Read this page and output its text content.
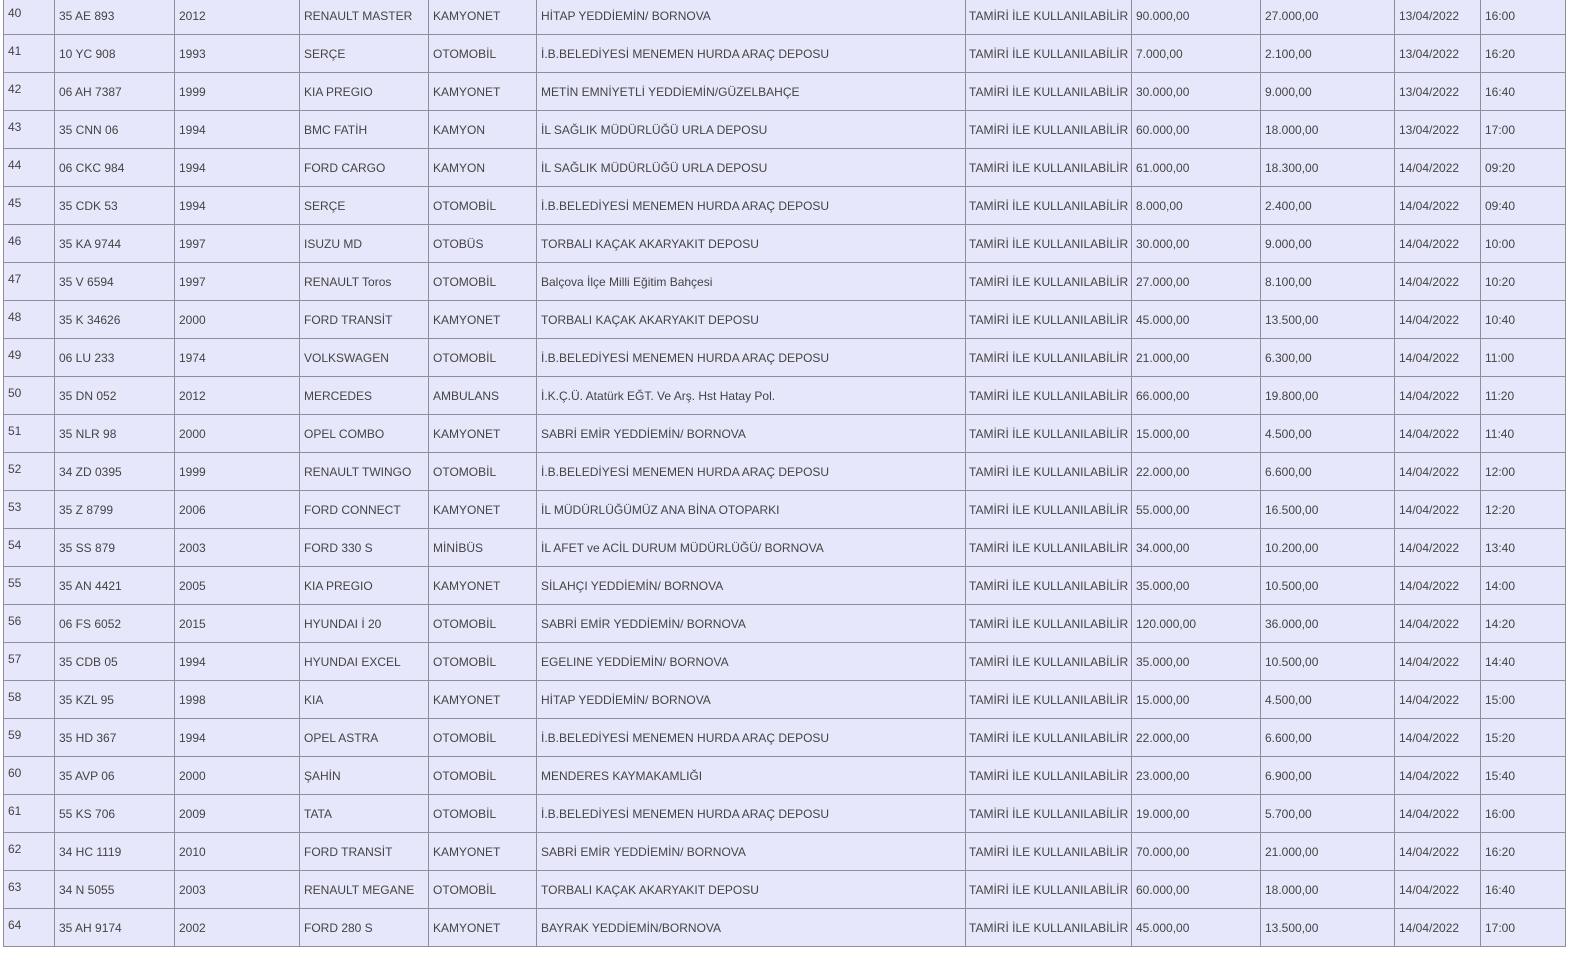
40	35 AE 893	2012	RENAULT MASTER	KAMYONET	HİTAP YEDDİEMİN/ BORNOVA	TAMİRİ İLE KULLANILABİLİR	90.000,00	27.000,00	13/04/2022	16:00
41	10 YC 908	1993	SERÇE	OTOMOBİL	İ.B.BELEDİYESİ MENEMEN HURDA ARAÇ DEPOSU	TAMİRİ İLE KULLANILABİLİR	7.000,00	2.100,00	13/04/2022	16:20
42	06 AH 7387	1999	KIA PREGIO	KAMYONET	METİN EMNİYETLİ YEDDİEMİN/GÜZELBAHÇE	TAMİRİ İLE KULLANILABİLİR	30.000,00	9.000,00	13/04/2022	16:40
43	35 CNN 06	1994	BMC FATİH	KAMYON	İL SAĞLIK MÜDÜRLÜĞÜ URLA DEPOSU	TAMİRİ İLE KULLANILABİLİR	60.000,00	18.000,00	13/04/2022	17:00
44	06 CKC 984	1994	FORD CARGO	KAMYON	İL SAĞLIK MÜDÜRLÜĞÜ URLA DEPOSU	TAMİRİ İLE KULLANILABİLİR	61.000,00	18.300,00	14/04/2022	09:20
45	35 CDK 53	1994	SERÇE	OTOMOBİL	İ.B.BELEDİYESİ MENEMEN HURDA ARAÇ DEPOSU	TAMİRİ İLE KULLANILABİLİR	8.000,00	2.400,00	14/04/2022	09:40
46	35 KA 9744	1997	ISUZU MD	OTOBÜS	TORBALI KAÇAK AKARYAKIT DEPOSU	TAMİRİ İLE KULLANILABİLİR	30.000,00	9.000,00	14/04/2022	10:00
47	35 V 6594	1997	RENAULT Toros	OTOMOBİL	Balçova İlçe Milli Eğitim Bahçesi	TAMİRİ İLE KULLANILABİLİR	27.000,00	8.100,00	14/04/2022	10:20
48	35 K 34626	2000	FORD TRANSİT	KAMYONET	TORBALI KAÇAK AKARYAKIT DEPOSU	TAMİRİ İLE KULLANILABİLİR	45.000,00	13.500,00	14/04/2022	10:40
49	06 LU 233	1974	VOLKSWAGEN	OTOMOBİL	İ.B.BELEDİYESİ MENEMEN HURDA ARAÇ DEPOSU	TAMİRİ İLE KULLANILABİLİR	21.000,00	6.300,00	14/04/2022	11:00
50	35 DN 052	2012	MERCEDES	AMBULANS	İ.K.Ç.Ü. Atatürk EĞT. Ve Arş. Hst Hatay Pol.	TAMİRİ İLE KULLANILABİLİR	66.000,00	19.800,00	14/04/2022	11:20
51	35 NLR 98	2000	OPEL COMBO	KAMYONET	SABRİ EMİR YEDDİEMİN/ BORNOVA	TAMİRİ İLE KULLANILABİLİR	15.000,00	4.500,00	14/04/2022	11:40
52	34 ZD 0395	1999	RENAULT TWINGO	OTOMOBİL	İ.B.BELEDİYESİ MENEMEN HURDA ARAÇ DEPOSU	TAMİRİ İLE KULLANILABİLİR	22.000,00	6.600,00	14/04/2022	12:00
53	35 Z 8799	2006	FORD CONNECT	KAMYONET	İL MÜDÜRLÜĞÜMÜZ ANA BİNA OTOPARKI	TAMİRİ İLE KULLANILABİLİR	55.000,00	16.500,00	14/04/2022	12:20
54	35 SS 879	2003	FORD 330 S	MİNİBÜS	İL AFET ve ACİL DURUM MÜDÜRLÜĞÜ/ BORNOVA	TAMİRİ İLE KULLANILABİLİR	34.000,00	10.200,00	14/04/2022	13:40
55	35 AN 4421	2005	KIA PREGIO	KAMYONET	SİLAHÇI YEDDİEMİN/ BORNOVA	TAMİRİ İLE KULLANILABİLİR	35.000,00	10.500,00	14/04/2022	14:00
56	06 FS 6052	2015	HYUNDAI İ 20	OTOMOBİL	SABRİ EMİR YEDDİEMİN/ BORNOVA	TAMİRİ İLE KULLANILABİLİR	120.000,00	36.000,00	14/04/2022	14:20
57	35 CDB 05	1994	HYUNDAI EXCEL	OTOMOBİL	EGELINE YEDDİEMİN/ BORNOVA	TAMİRİ İLE KULLANILABİLİR	35.000,00	10.500,00	14/04/2022	14:40
58	35 KZL 95	1998	KIA	KAMYONET	HİTAP YEDDİEMİN/ BORNOVA	TAMİRİ İLE KULLANILABİLİR	15.000,00	4.500,00	14/04/2022	15:00
59	35 HD 367	1994	OPEL ASTRA	OTOMOBİL	İ.B.BELEDİYESİ MENEMEN HURDA ARAÇ DEPOSU	TAMİRİ İLE KULLANILABİLİR	22.000,00	6.600,00	14/04/2022	15:20
60	35 AVP 06	2000	ŞAHİN	OTOMOBİL	MENDERES KAYMAKAMLIĞI	TAMİRİ İLE KULLANILABİLİR	23.000,00	6.900,00	14/04/2022	15:40
61	55 KS 706	2009	TATA	OTOMOBİL	İ.B.BELEDİYESİ MENEMEN HURDA ARAÇ DEPOSU	TAMİRİ İLE KULLANILABİLİR	19.000,00	5.700,00	14/04/2022	16:00
62	34 HC 1119	2010	FORD TRANSİT	KAMYONET	SABRİ EMİR YEDDİEMİN/ BORNOVA	TAMİRİ İLE KULLANILABİLİR	70.000,00	21.000,00	14/04/2022	16:20
63	34 N 5055	2003	RENAULT MEGANE	OTOMOBİL	TORBALI KAÇAK AKARYAKIT DEPOSU	TAMİRİ İLE KULLANILABİLİR	60.000,00	18.000,00	14/04/2022	16:40
64	35 AH 9174	2002	FORD 280 S	KAMYONET	BAYRAK YEDDİEMİN/BORNOVA	TAMİRİ İLE KULLANILABİLİR	45.000,00	13.500,00	14/04/2022	17:00
